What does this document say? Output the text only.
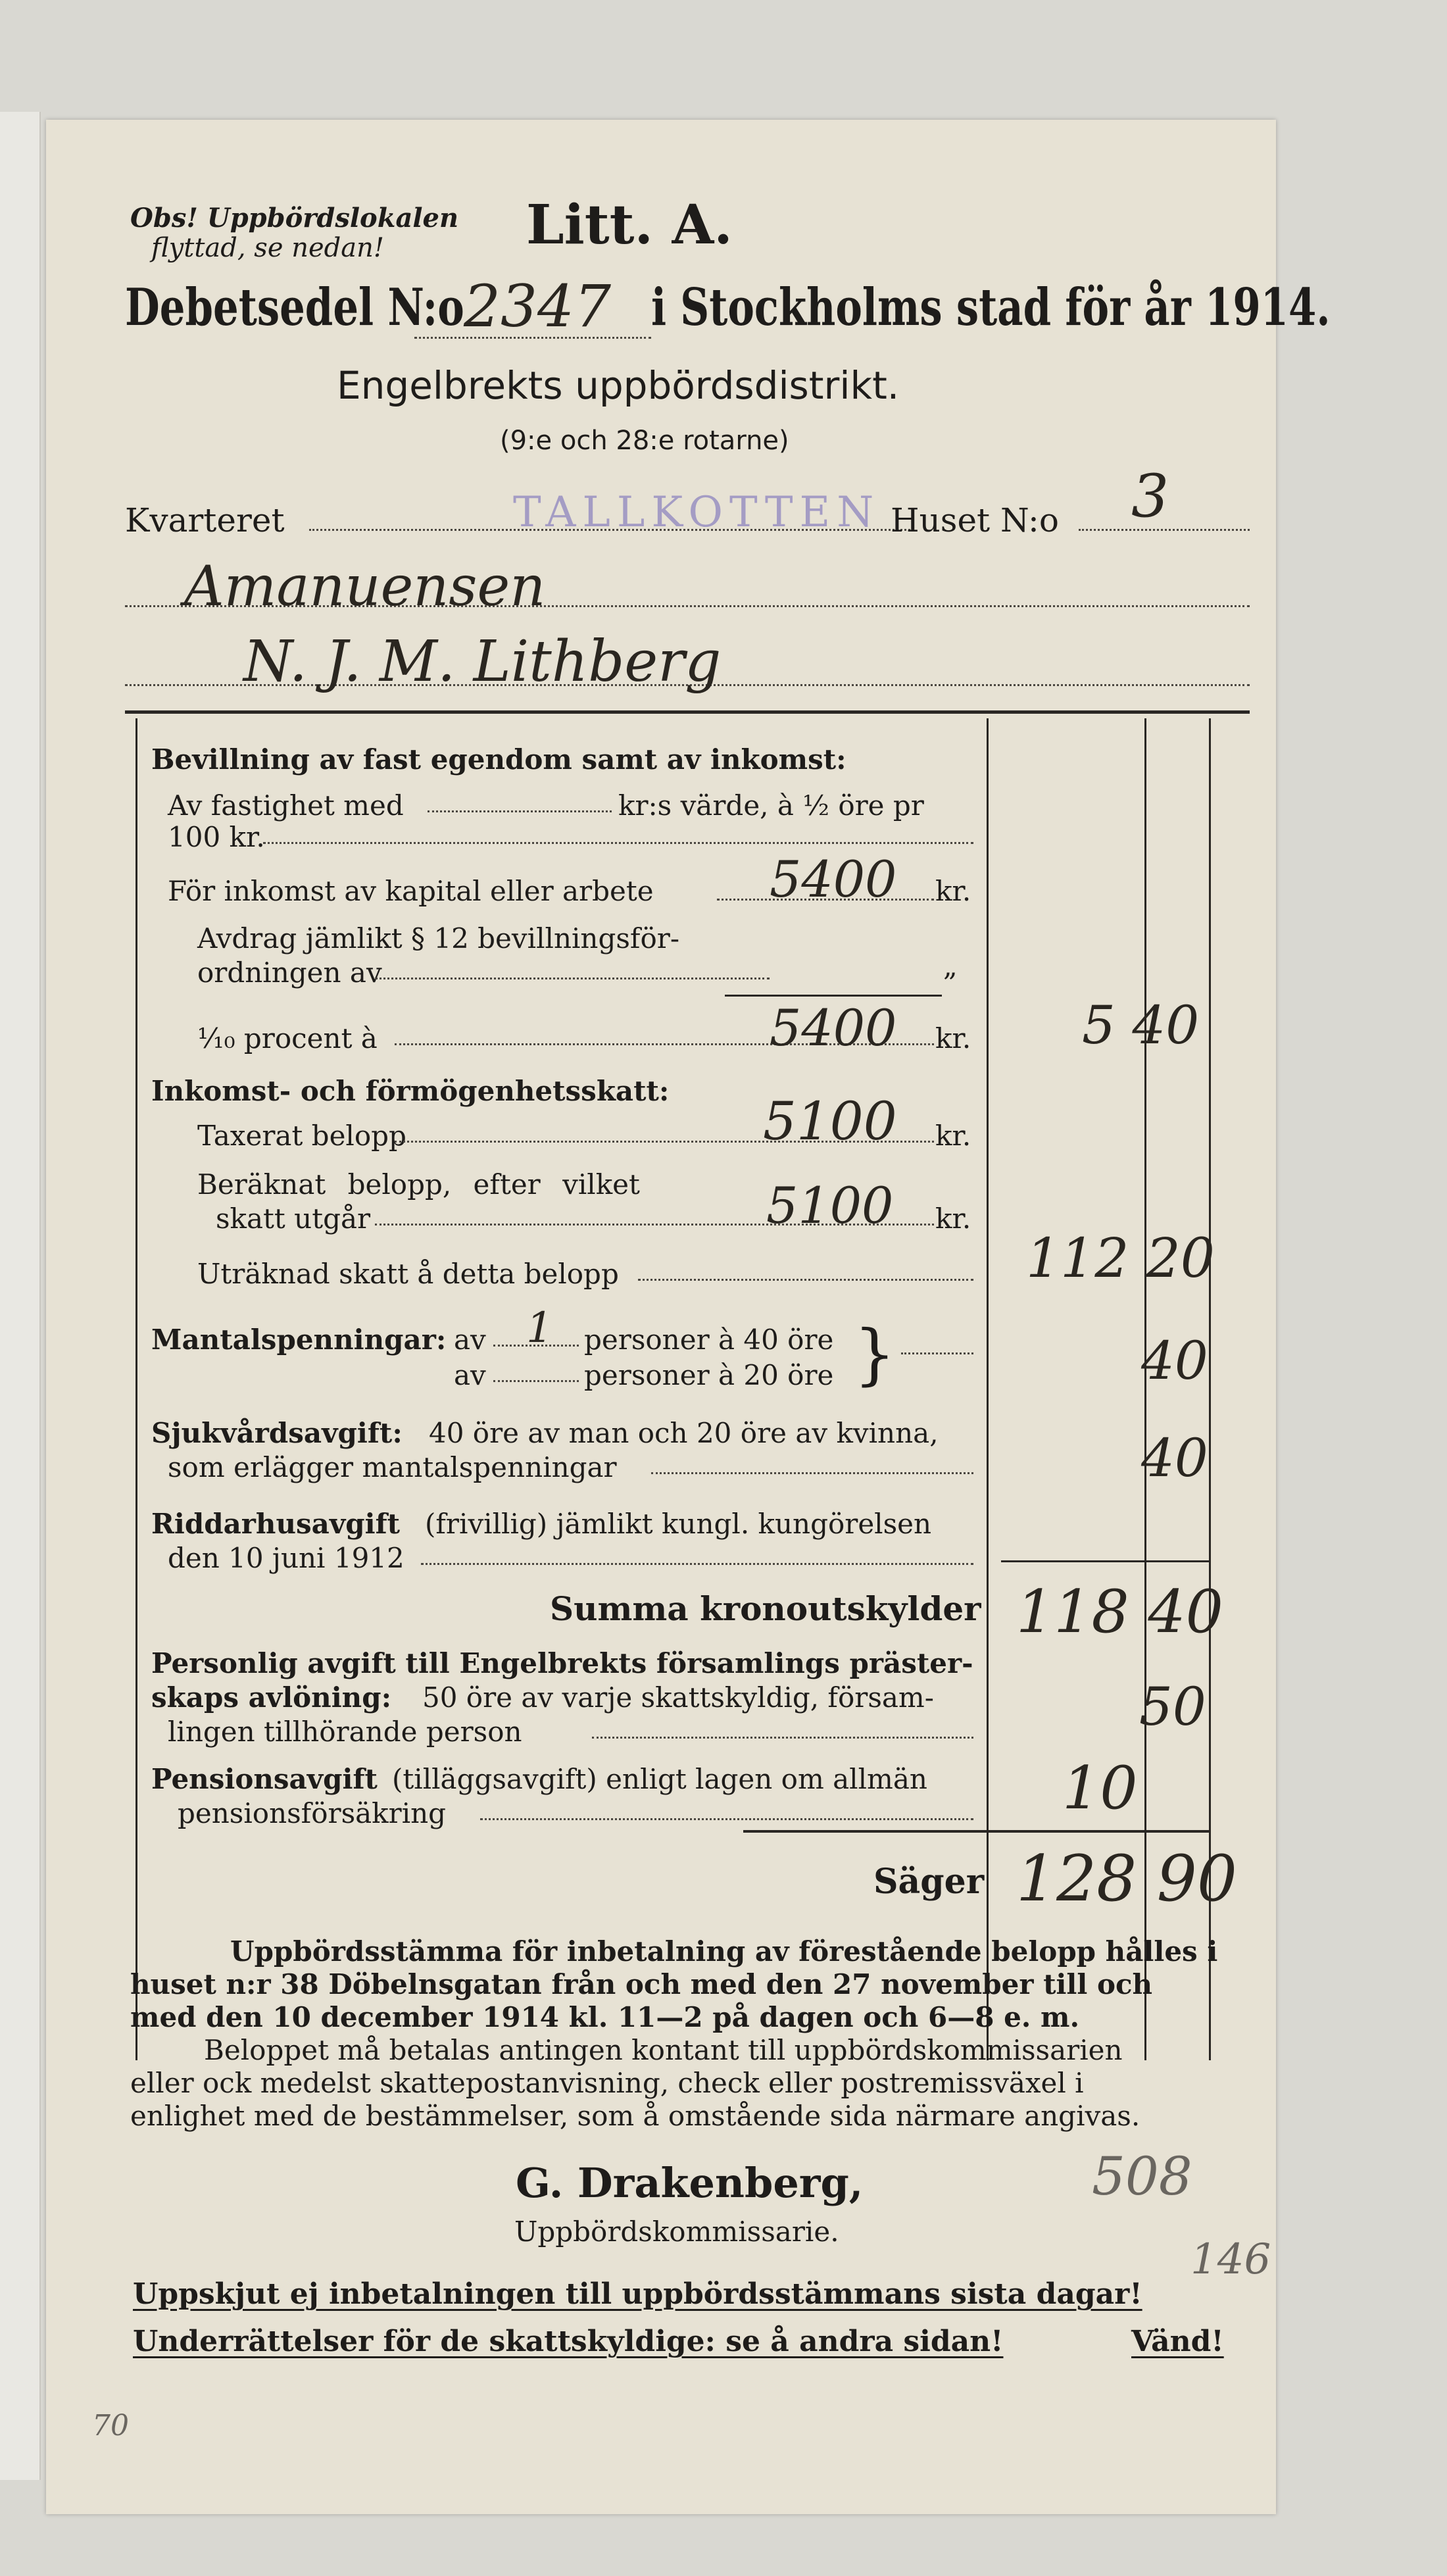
Obs! Uppbördslokalen
flyttad, se nedan!	Litt. A.
Debetsedel N:o 2347 i Stockholms stad för år 1914.
Engelbrekts uppbördsdistrikt.
(9:e och 28:e rotarne)
Kvarteret	TALLKOTTEN Huset N:o 3
Amanuensen
N. J. M. Lithberg
Bevillning av fast egendom samt av inkomst:
Av fastighet med	kr:s värde, à ½ öre pr
100 kr.
För inkomst av kapital eller arbete 5400 kr.
Avdrag jämlikt § 12 bevillningsför-
ordningen av	„
⅒ procent à	5400 kr. 5 40
Inkomst- och förmögenhetsskatt:
Taxerat belopp	5100 kr.
Beräknat belopp, efter vilket
skatt utgår	5100 kr.
Uträknad skatt å detta belopp	112 20
Mantalspenningar: av 1 personer à 40 öre
av	personer à 20 öre }	40
Sjukvårdsavgift: 40 öre av man och 20 öre av kvinna,
som erlägger mantalspenningar	40
Riddarhusavgift (frivillig) jämlikt kungl. kungörelsen
den 10 juni 1912
Summa kronoutskylder 118 40
Personlig avgift till Engelbrekts församlings präster-
skaps avlöning: 50 öre av varje skattskyldig, försam-
lingen tillhörande person	50
Pensionsavgift (tilläggsavgift) enligt lagen om allmän
pensionsförsäkring	10
Säger 128 90
Uppbördsstämma för inbetalning av förestående belopp hålles i
huset n:r 38 Döbelnsgatan från och med den 27 november till och
med den 10 december 1914 kl. 11—2 på dagen och 6—8 e. m.
Beloppet må betalas antingen kontant till uppbördskommissarien
eller ock medelst skattepostanvisning, check eller postremissväxel i
enlighet med de bestämmelser, som å omstående sida närmare angivas.
G. Drakenberg,
Uppbördskommissarie.
508
146
Uppskjut ej inbetalningen till uppbördsstämmans sista dagar!
Underrättelser för de skattskyldige: se å andra sidan!	Vänd!
70
